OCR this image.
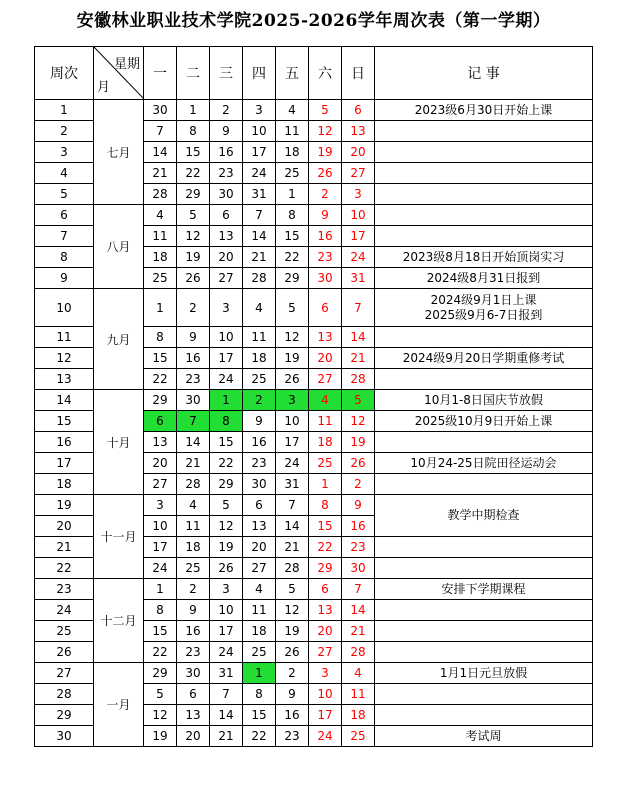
安徽林业职业技术学院2025-2026学年周次表（第一学期）
周次	星期
月	一	二	三	四	五	六	日	记 事
1	七月	30	1	2	3	4	5	6	2023级6月30日开始上课
2		7	8	9	10	11	12	13	
3		14	15	16	17	18	19	20	
4		21	22	23	24	25	26	27	
5		28	29	30	31	1	2	3	
6	八月	4	5	6	7	8	9	10	
7		11	12	13	14	15	16	17	
8		18	19	20	21	22	23	24	2023级8月18日开始顶岗实习
9		25	26	27	28	29	30	31	2024级8月31日报到
10	九月	1	2	3	4	5	6	7	2024级9月1日上课
2025级9月6-7日报到

11		8	9	10	11	12	13	14	
12		15	16	17	18	19	20	21	2024级9月20日学期重修考试
13		22	23	24	25	26	27	28	
14	十月	29	30	1	2	3	4	5	10月1-8日国庆节放假
15		6	7	8	9	10	11	12	2025级10月9日开始上课
16		13	14	15	16	17	18	19	
17		20	21	22	23	24	25	26	10月24-25日院田径运动会
18		27	28	29	30	31	1	2	
19	十一月	3	4	5	6	7	8	9	教学中期检查
20		10	11	12	13	14	15	16	
21		17	18	19	20	21	22	23	
22		24	25	26	27	28	29	30	
23	十二月	1	2	3	4	5	6	7	安排下学期课程
24		8	9	10	11	12	13	14	
25		15	16	17	18	19	20	21	
26		22	23	24	25	26	27	28	
27	一月	29	30	31	1	2	3	4	1月1日元旦放假
28		5	6	7	8	9	10	11	
29		12	13	14	15	16	17	18	
30		19	20	21	22	23	24	25	考试周
